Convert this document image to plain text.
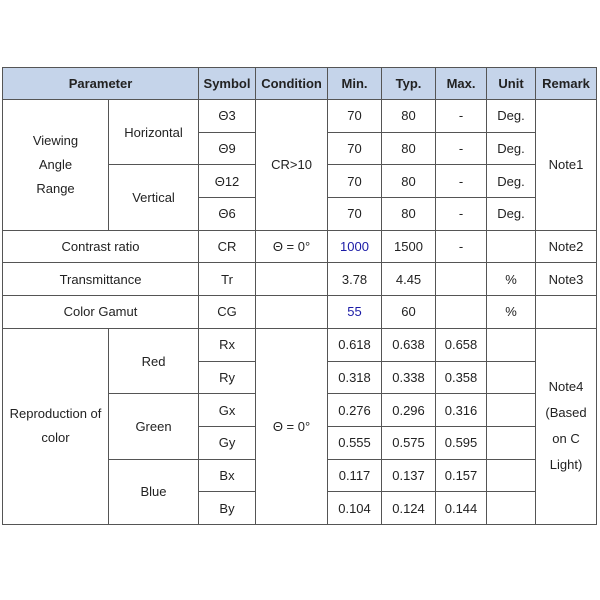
Parameter		Symbol	Condition	Min.	Typ.	Max.	Unit	Remark
Viewing Angle Range	Horizontal	Θ3	CR>10	70	80	-	Deg.	Note1
		Θ9		70	80	-	Deg.	
	Vertical	Θ12		70	80	-	Deg.	
		Θ6		70	80	-	Deg.	
Contrast ratio		CR	Θ = 0°	1000	1500	-		Note2
Transmittance		Tr		3.78	4.45		%	Note3
Color Gamut		CG		55	60		%	
Reproduction of color	Red	Rx	Θ = 0°	0.618	0.638	0.658		Note4 (Based on C Light)
		Ry		0.318	0.338	0.358		
	Green	Gx		0.276	0.296	0.316		
		Gy		0.555	0.575	0.595		
	Blue	Bx		0.117	0.137	0.157		
		By		0.104	0.124	0.144		
